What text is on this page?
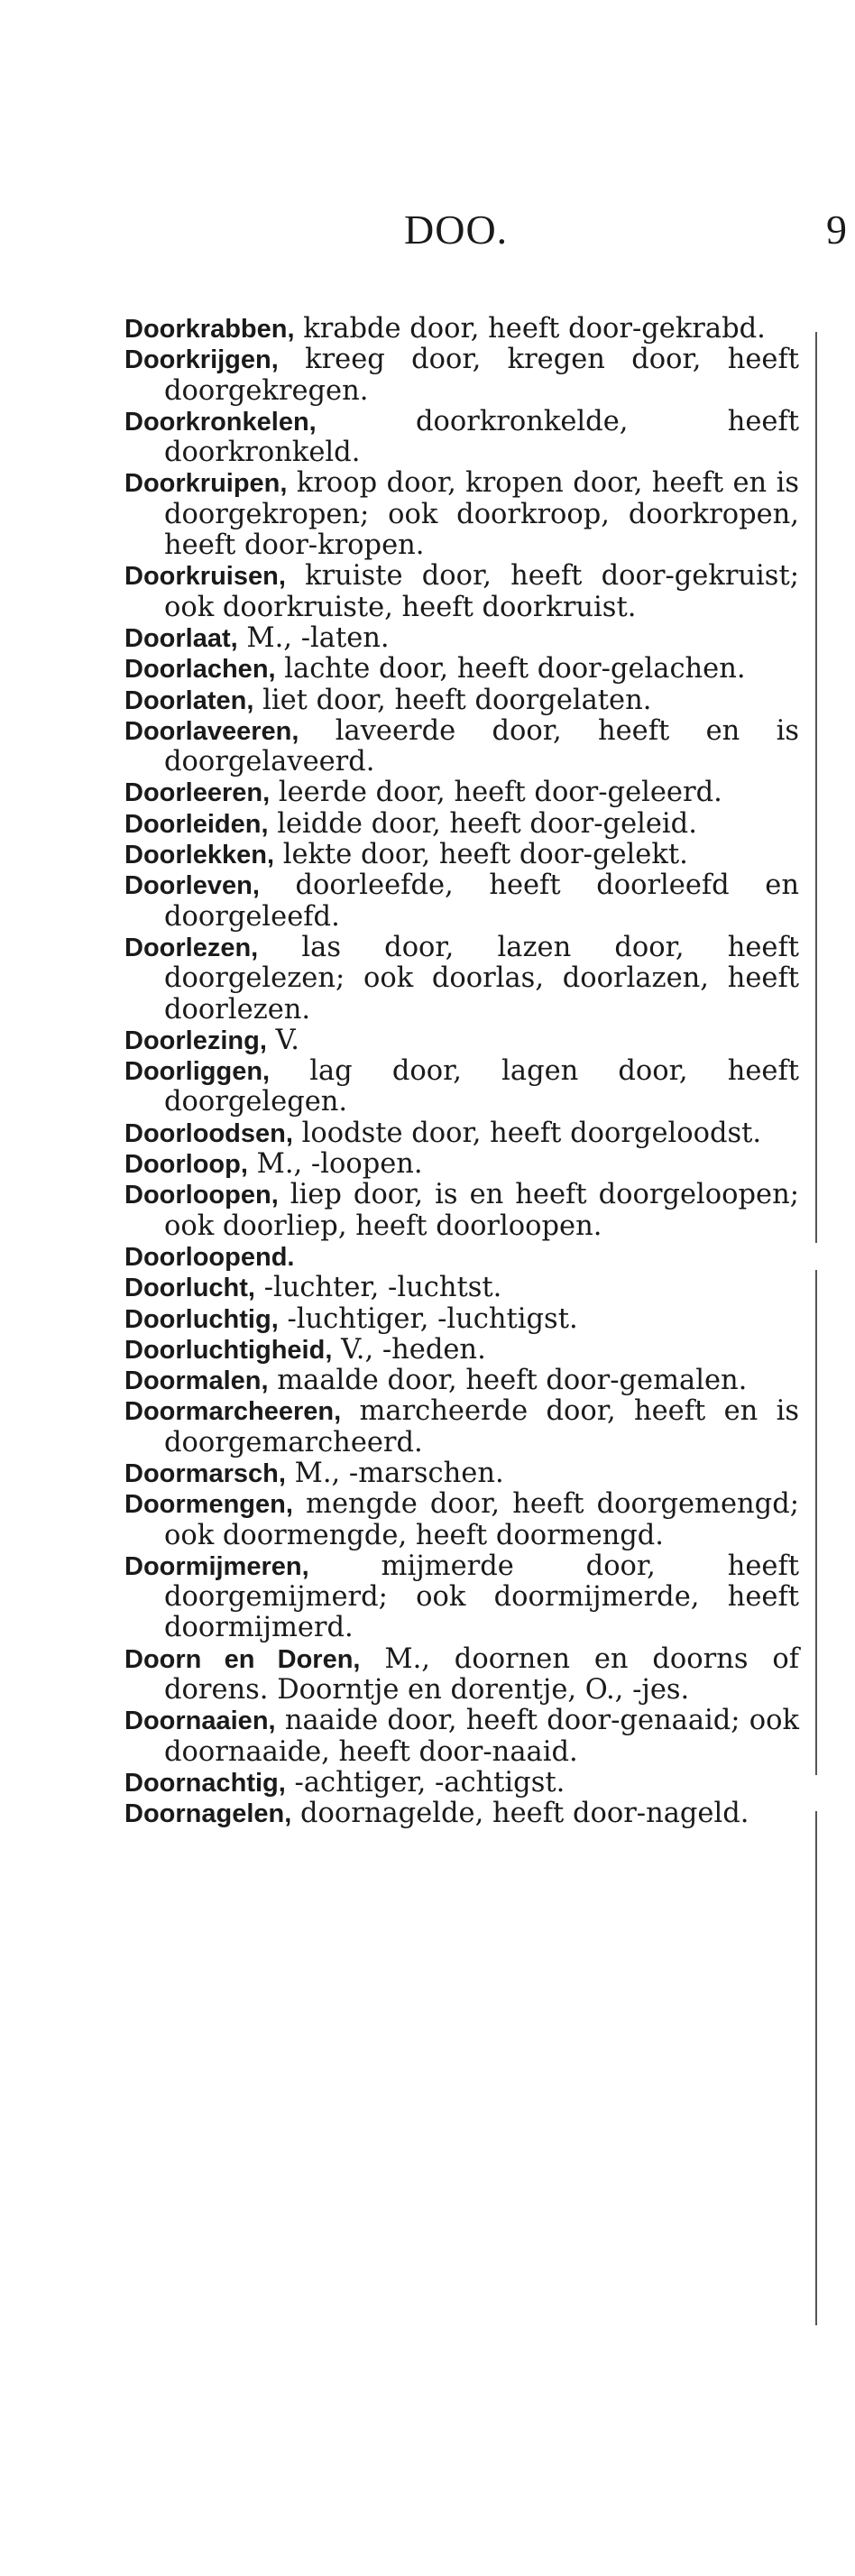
DOO.	9
Doorkrabben, krabde door, heeft door-gekrabd.
Doorkrijgen, kreeg door, kregen door, heeft doorgekregen.
Doorkronkelen, doorkronkelde, heeft doorkronkeld.
Doorkruipen, kroop door, kropen door, heeft en is doorgekropen; ook doorkroop, doorkropen, heeft door-kropen.
Doorkruisen, kruiste door, heeft door-gekruist; ook doorkruiste, heeft doorkruist.
Doorlaat, M., -laten.
Doorlachen, lachte door, heeft door-gelachen.
Doorlaten, liet door, heeft doorgelaten.
Doorlaveeren, laveerde door, heeft en is doorgelaveerd.
Doorleeren, leerde door, heeft door-geleerd.
Doorleiden, leidde door, heeft door-geleid.
Doorlekken, lekte door, heeft door-gelekt.
Doorleven, doorleefde, heeft doorleefd en doorgeleefd.
Doorlezen, las door, lazen door, heeft doorgelezen; ook doorlas, doorlazen, heeft doorlezen.
Doorlezing, V.
Doorliggen, lag door, lagen door, heeft doorgelegen.
Doorloodsen, loodste door, heeft doorgeloodst.
Doorloop, M., -loopen.
Doorloopen, liep door, is en heeft doorgeloopen; ook doorliep, heeft doorloopen.
Doorloopend.
Doorlucht, -luchter, -luchtst.
Doorluchtig, -luchtiger, -luchtigst.
Doorluchtigheid, V., -heden.
Doormalen, maalde door, heeft door-gemalen.
Doormarcheeren, marcheerde door, heeft en is doorgemarcheerd.
Doormarsch, M., -marschen.
Doormengen, mengde door, heeft doorgemengd; ook doormengde, heeft doormengd.
Doormijmeren, mijmerde door, heeft doorgemijmerd; ook doormijmerde, heeft doormijmerd.
Doorn en Doren, M., doornen en doorns of dorens. Doorntje en dorentje, O., -jes.
Doornaaien, naaide door, heeft door-genaaid; ook doornaaide, heeft door-naaid.
Doornachtig, -achtiger, -achtigst.
Doornagelen, doornagelde, heeft door-nageld.
